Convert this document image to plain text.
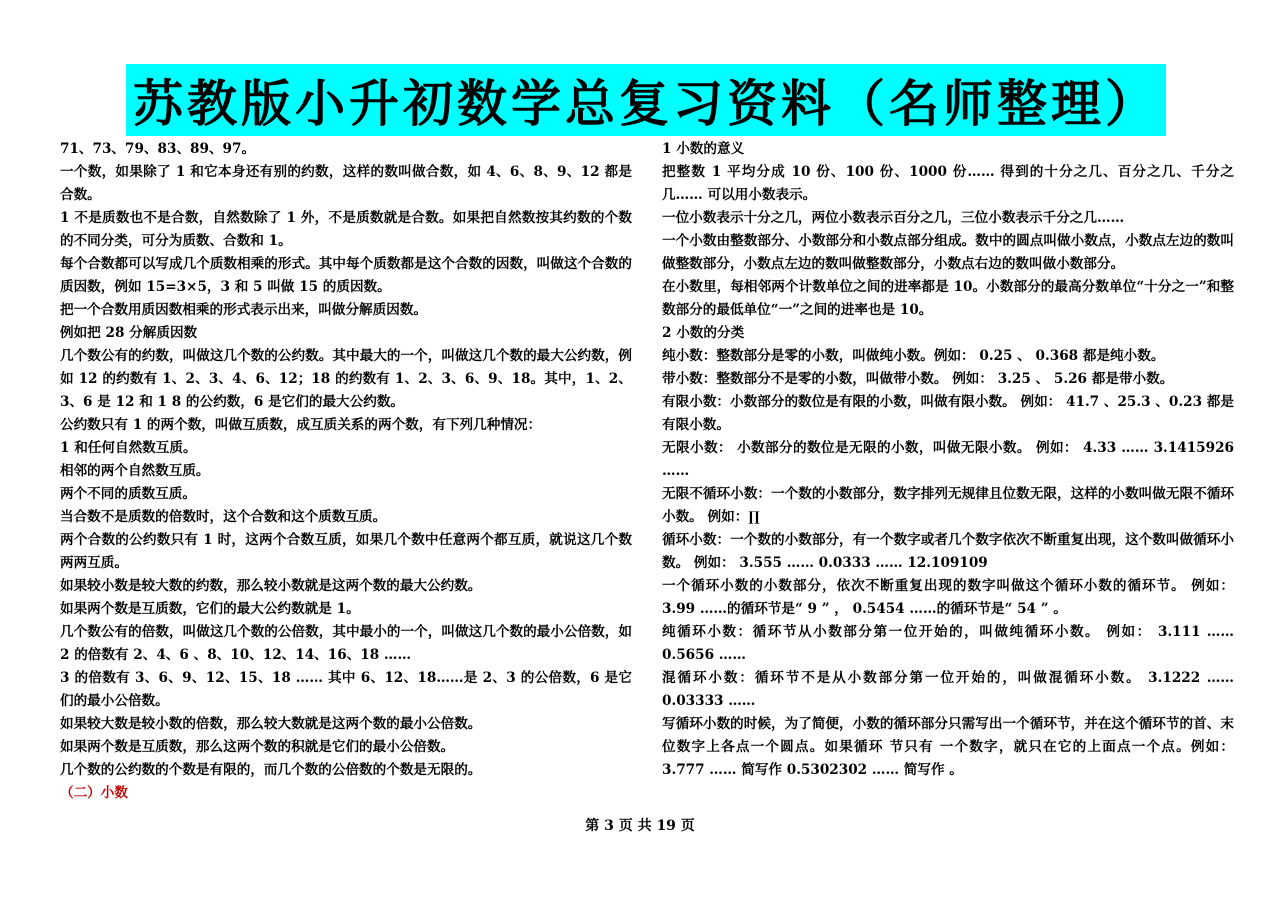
苏教版小升初数学总复习资料（名师整理）

71、73、79、83、89、97。

一个数，如果除了 1 和它本身还有别的约数，这样的数叫做合数，如 4、6、8、9、12 都是合数。

1 不是质数也不是合数，自然数除了 1 外，不是质数就是合数。如果把自然数按其约数的个数的不同分类，可分为质数、合数和 1。

每个合数都可以写成几个质数相乘的形式。其中每个质数都是这个合数的因数，叫做这个合数的质因数，例如 15=3×5，3 和 5 叫做 15 的质因数。

把一个合数用质因数相乘的形式表示出来，叫做分解质因数。

例如把 28 分解质因数

几个数公有的约数，叫做这几个数的公约数。其中最大的一个，叫做这几个数的最大公约数，例如 12 的约数有 1、2、3、4、6、12；18 的约数有 1、2、3、6、9、18。其中，1、2、3、6 是 12 和 1 8 的公约数，6 是它们的最大公约数。

公约数只有 1 的两个数，叫做互质数，成互质关系的两个数，有下列几种情况：

1 和任何自然数互质。

相邻的两个自然数互质。

两个不同的质数互质。

当合数不是质数的倍数时，这个合数和这个质数互质。

两个合数的公约数只有 1 时，这两个合数互质，如果几个数中任意两个都互质，就说这几个数两两互质。

如果较小数是较大数的约数，那么较小数就是这两个数的最大公约数。

如果两个数是互质数，它们的最大公约数就是 1。

几个数公有的倍数，叫做这几个数的公倍数，其中最小的一个，叫做这几个数的最小公倍数，如 2 的倍数有 2、4、6 、8、10、12、14、16、18 ……

3 的倍数有 3、6、9、12、15、18 …… 其中 6、12、18……是 2、3 的公倍数，6 是它们的最小公倍数。

如果较大数是较小数的倍数，那么较大数就是这两个数的最小公倍数。

如果两个数是互质数，那么这两个数的积就是它们的最小公倍数。

几个数的公约数的个数是有限的，而几个数的公倍数的个数是无限的。

（二）小数

1 小数的意义

把整数 1 平均分成 10 份、100 份、1000 份…… 得到的十分之几、百分之几、千分之几…… 可以用小数表示。

一位小数表示十分之几，两位小数表示百分之几，三位小数表示千分之几……

一个小数由整数部分、小数部分和小数点部分组成。数中的圆点叫做小数点，小数点左边的数叫做整数部分，小数点左边的数叫做整数部分，小数点右边的数叫做小数部分。

在小数里，每相邻两个计数单位之间的进率都是 10。小数部分的最高分数单位“十分之一”和整数部分的最低单位“一”之间的进率也是 10。

2 小数的分类

纯小数：整数部分是零的小数，叫做纯小数。例如： 0.25 、 0.368 都是纯小数。

带小数：整数部分不是零的小数，叫做带小数。 例如： 3.25 、 5.26 都是带小数。

有限小数：小数部分的数位是有限的小数，叫做有限小数。 例如： 41.7 、25.3 、0.23 都是有限小数。

无限小数： 小数部分的数位是无限的小数，叫做无限小数。 例如： 4.33 …… 3.1415926 ……

无限不循环小数：一个数的小数部分，数字排列无规律且位数无限，这样的小数叫做无限不循环小数。 例如：∏

循环小数：一个数的小数部分，有一个数字或者几个数字依次不断重复出现，这个数叫做循环小数。 例如： 3.555 …… 0.0333 …… 12.109109

一个循环小数的小数部分，依次不断重复出现的数字叫做这个循环小数的循环节。 例如： 3.99 ……的循环节是“ 9 ” ， 0.5454 ……的循环节是“ 54 ” 。

纯循环小数：循环节从小数部分第一位开始的，叫做纯循环小数。 例如： 3.111 …… 0.5656 ……

混循环小数：循环节不是从小数部分第一位开始的，叫做混循环小数。 3.1222 …… 0.03333 ……

写循环小数的时候，为了简便，小数的循环部分只需写出一个循环节，并在这个循环节的首、末位数字上各点一个圆点。如果循环 节只有 一个数字，就只在它的上面点一个点。例如： 3.777 …… 简写作 0.5302302 …… 简写作 。

第 3 页 共 19 页
